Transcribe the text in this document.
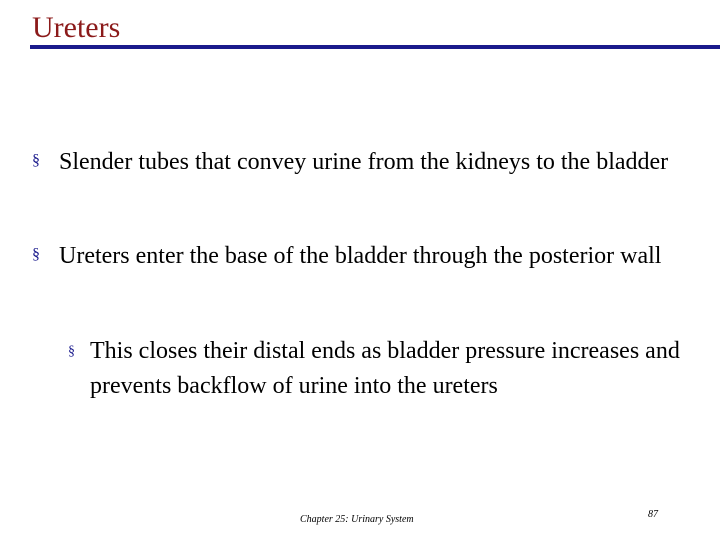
Ureters
§ Slender tubes that convey urine from the kidneys to the bladder
§ Ureters enter the base of the bladder through the posterior wall
§ This closes their distal ends as bladder pressure increases and prevents backflow of urine into the ureters
Chapter 25: Urinary System	87
